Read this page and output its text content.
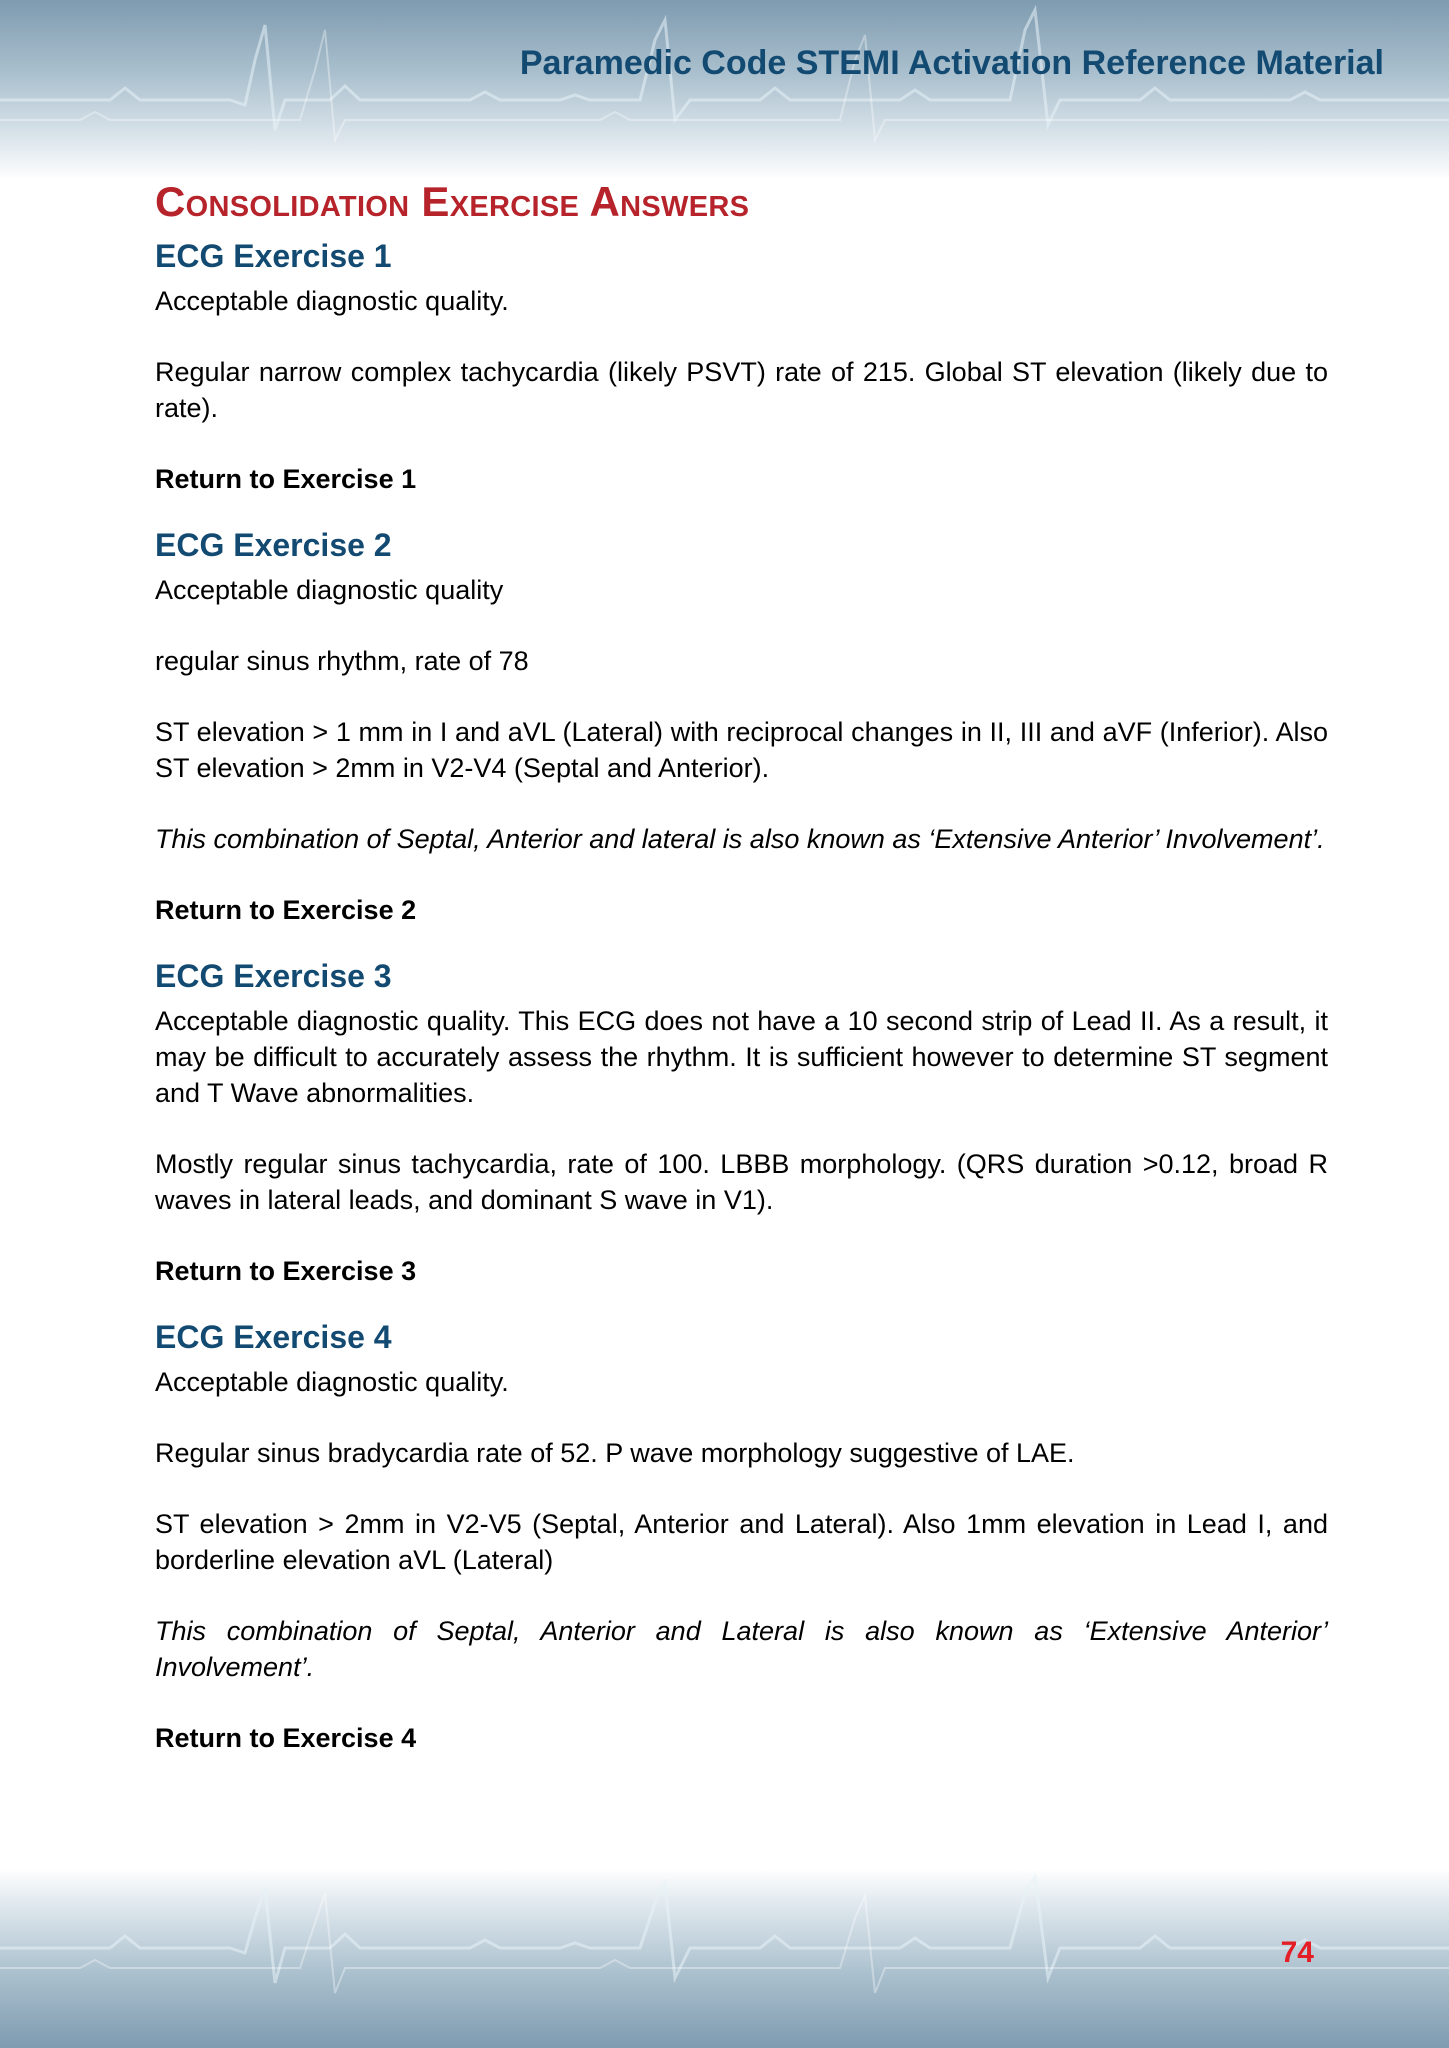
Paramedic Code STEMI Activation Reference Material
Consolidation Exercise Answers
ECG Exercise 1

Acceptable diagnostic quality.

Regular narrow complex tachycardia (likely PSVT) rate of 215. Global ST elevation (likely due to rate).

Return to Exercise 1
ECG Exercise 2

Acceptable diagnostic quality

regular sinus rhythm, rate of 78

ST elevation > 1 mm in I and aVL (Lateral) with reciprocal changes in II, III and aVF (Inferior). Also ST elevation > 2mm in V2-V4 (Septal and Anterior).

This combination of Septal, Anterior and lateral is also known as ‘Extensive Anterior’ Involvement’.

Return to Exercise 2
ECG Exercise 3

Acceptable diagnostic quality. This ECG does not have a 10 second strip of Lead II. As a result, it may be difficult to accurately assess the rhythm. It is sufficient however to determine ST segment and T Wave abnormalities.

Mostly regular sinus tachycardia, rate of 100. LBBB morphology. (QRS duration >0.12, broad R waves in lateral leads, and dominant S wave in V1).

Return to Exercise 3
ECG Exercise 4

Acceptable diagnostic quality.

Regular sinus bradycardia rate of 52. P wave morphology suggestive of LAE.

ST elevation > 2mm in V2-V5 (Septal, Anterior and Lateral). Also 1mm elevation in Lead I, and borderline elevation aVL (Lateral)

This combination of Septal, Anterior and Lateral is also known as ‘Extensive Anterior’ Involvement’.

Return to Exercise 4
74
